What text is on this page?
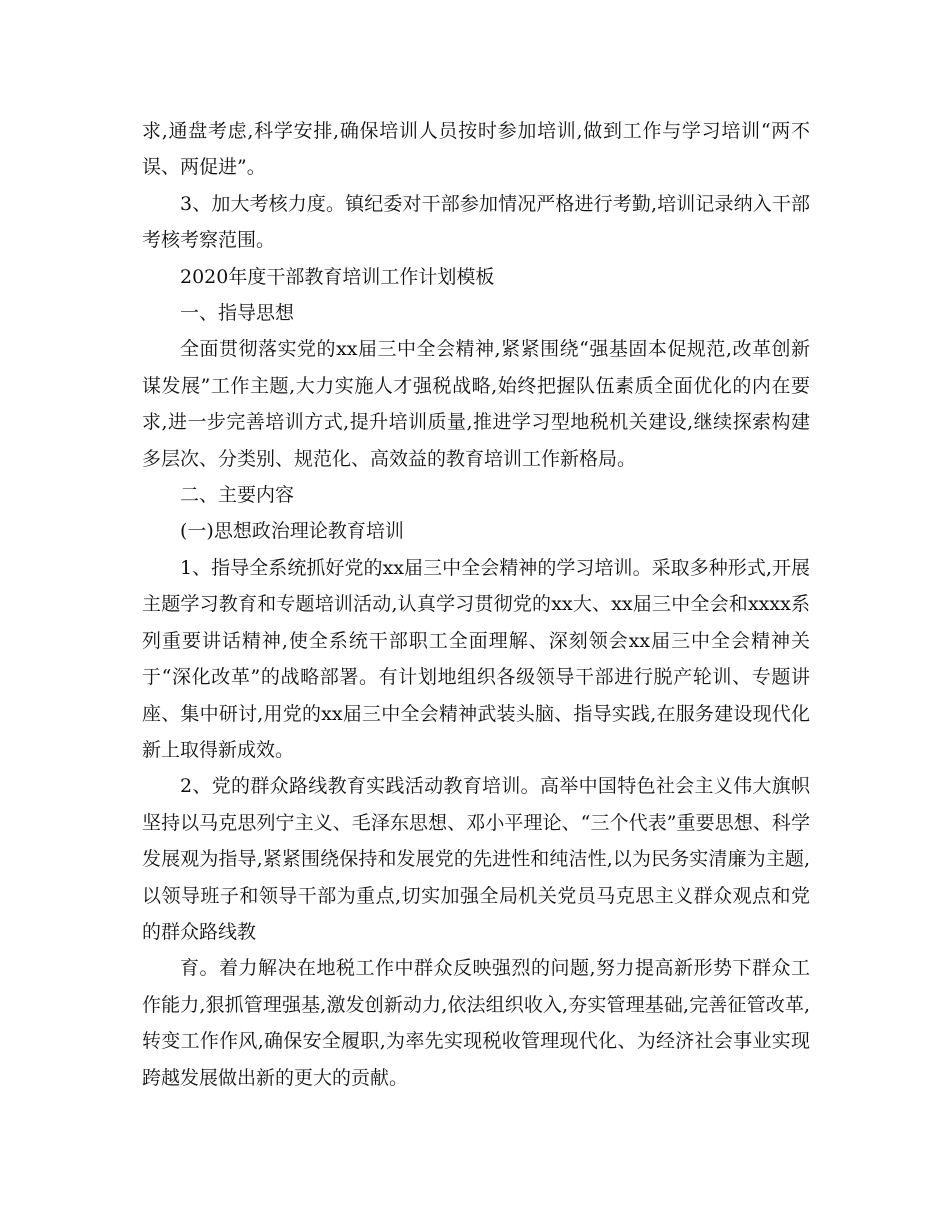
求,通盘考虑,科学安排,确保培训人员按时参加培训,做到工作与学习培训“两不误、两促进”。

3、加大考核力度。镇纪委对干部参加情况严格进行考勤,培训记录纳入干部考核考察范围。

2020年度干部教育培训工作计划模板

一、指导思想

全面贯彻落实党的xx届三中全会精神,紧紧围绕“强基固本促规范,改革创新谋发展”工作主题,大力实施人才强税战略,始终把握队伍素质全面优化的内在要求,进一步完善培训方式,提升培训质量,推进学习型地税机关建设,继续探索构建多层次、分类别、规范化、高效益的教育培训工作新格局。

二、主要内容

(一)思想政治理论教育培训

1、指导全系统抓好党的xx届三中全会精神的学习培训。采取多种形式,开展主题学习教育和专题培训活动,认真学习贯彻党的xx大、xx届三中全会和xxxx系列重要讲话精神,使全系统干部职工全面理解、深刻领会xx届三中全会精神关于“深化改革”的战略部署。有计划地组织各级领导干部进行脱产轮训、专题讲座、集中研讨,用党的xx届三中全会精神武装头脑、指导实践,在服务建设现代化新上取得新成效。

2、党的群众路线教育实践活动教育培训。高举中国特色社会主义伟大旗帜坚持以马克思列宁主义、毛泽东思想、邓小平理论、“三个代表”重要思想、科学发展观为指导,紧紧围绕保持和发展党的先进性和纯洁性,以为民务实清廉为主题,以领导班子和领导干部为重点,切实加强全局机关党员马克思主义群众观点和党的群众路线教

育。着力解决在地税工作中群众反映强烈的问题,努力提高新形势下群众工作能力,狠抓管理强基,激发创新动力,依法组织收入,夯实管理基础,完善征管改革,转变工作作风,确保安全履职,为率先实现税收管理现代化、为经济社会事业实现跨越发展做出新的更大的贡献。
